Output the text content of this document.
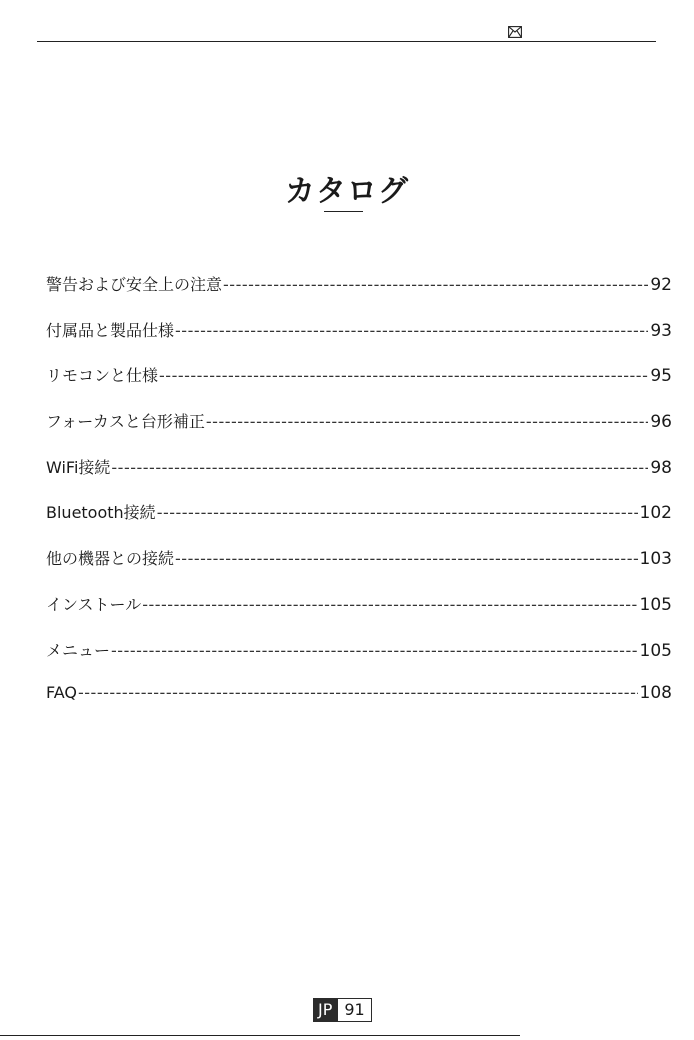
カタログ
警告および安全上の注意 -----	92
付属品と製品仕様 -----	93
リモコンと仕様 -----	95
フォーカスと台形補正 -----	96
WiFi接続 -----	98
Bluetooth接続 -----	102
他の機器との接続 -----	103
インストール -----	105
メニュー -----	105
FAQ -----	108
JP 91
